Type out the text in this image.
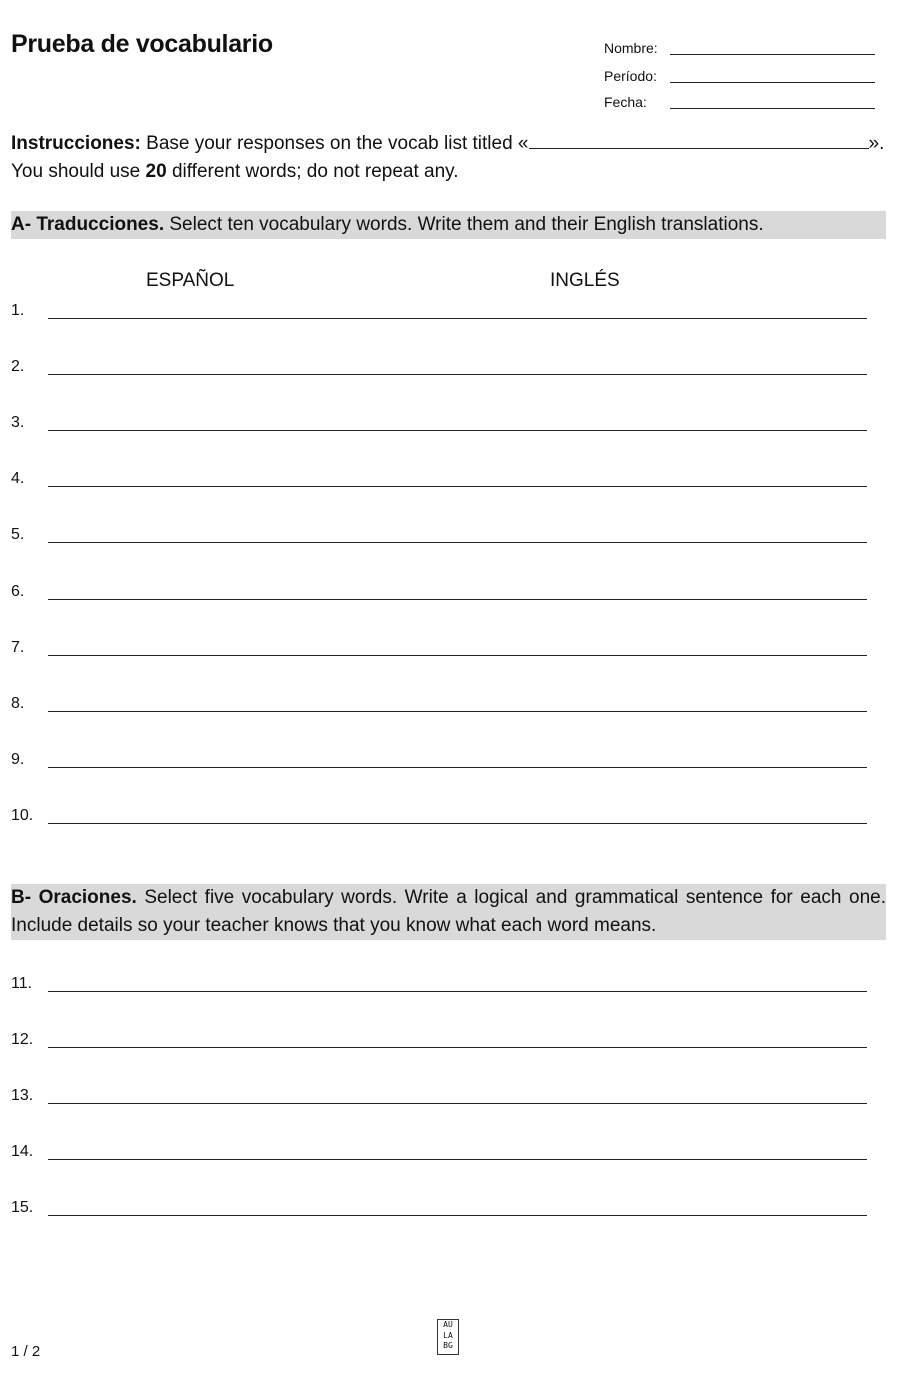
Prueba de vocabulario	Nombre:
Período:
Fecha:
Instrucciones: Base your responses on the vocab list titled «	».
You should use 20 different words; do not repeat any.
A- Traducciones. Select ten vocabulary words. Write them and their English translations.
ESPAÑOL	INGLÉS
1.
2.
3.
4.
5.
6.
7.
8.
9.
10.
B- Oraciones. Select five vocabulary words. Write a logical and grammatical sentence for each one. Include details so your teacher knows that you know what each word means.
11.
12.
13.
14.
15.
1 / 2
AU
LA
BG
